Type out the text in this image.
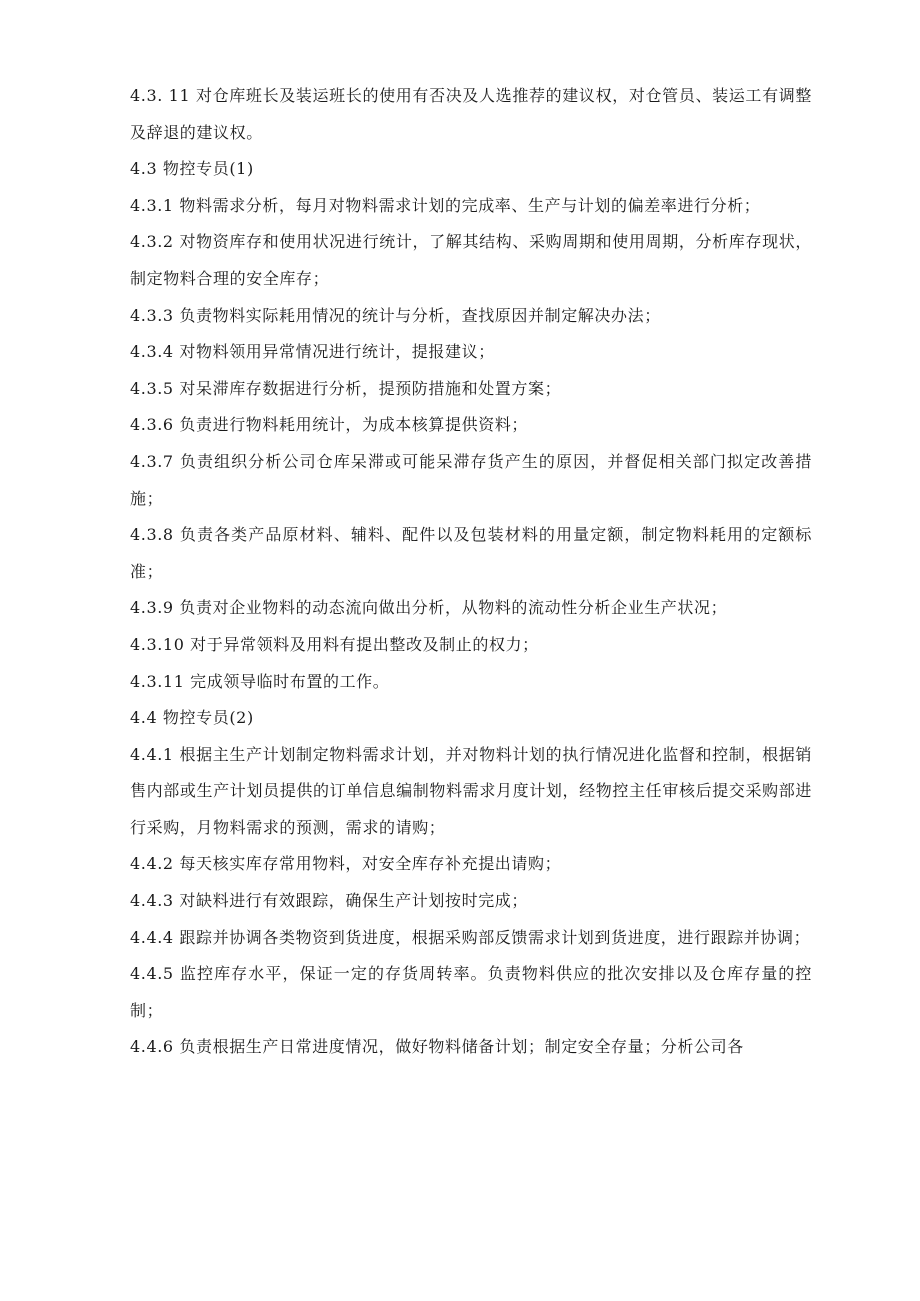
4.3. 11 对仓库班长及装运班长的使用有否决及人选推荐的建议权，对仓管员、装运工有调整及辞退的建议权。

4.3 物控专员(1)

4.3.1 物料需求分析，每月对物料需求计划的完成率、生产与计划的偏差率进行分析；

4.3.2 对物资库存和使用状况进行统计，了解其结构、采购周期和使用周期，分析库存现状，制定物料合理的安全库存；

4.3.3 负责物料实际耗用情况的统计与分析，查找原因并制定解决办法；

4.3.4 对物料领用异常情况进行统计，提报建议；

4.3.5 对呆滞库存数据进行分析，提预防措施和处置方案；

4.3.6 负责进行物料耗用统计，为成本核算提供资料；

4.3.7 负责组织分析公司仓库呆滞或可能呆滞存货产生的原因，并督促相关部门拟定改善措施；

4.3.8 负责各类产品原材料、辅料、配件以及包装材料的用量定额，制定物料耗用的定额标准；

4.3.9 负责对企业物料的动态流向做出分析，从物料的流动性分析企业生产状况；

4.3.10 对于异常领料及用料有提出整改及制止的权力；

4.3.11 完成领导临时布置的工作。

4.4 物控专员(2)

4.4.1 根据主生产计划制定物料需求计划，并对物料计划的执行情况进化监督和控制，根据销售内部或生产计划员提供的订单信息编制物料需求月度计划，经物控主任审核后提交采购部进行采购，月物料需求的预测，需求的请购；

4.4.2 每天核实库存常用物料，对安全库存补充提出请购；

4.4.3 对缺料进行有效跟踪，确保生产计划按时完成；

4.4.4 跟踪并协调各类物资到货进度，根据采购部反馈需求计划到货进度，进行跟踪并协调；

4.4.5 监控库存水平，保证一定的存货周转率。负责物料供应的批次安排以及仓库存量的控制；

4.4.6 负责根据生产日常进度情况，做好物料储备计划；制定安全存量；分析公司各
